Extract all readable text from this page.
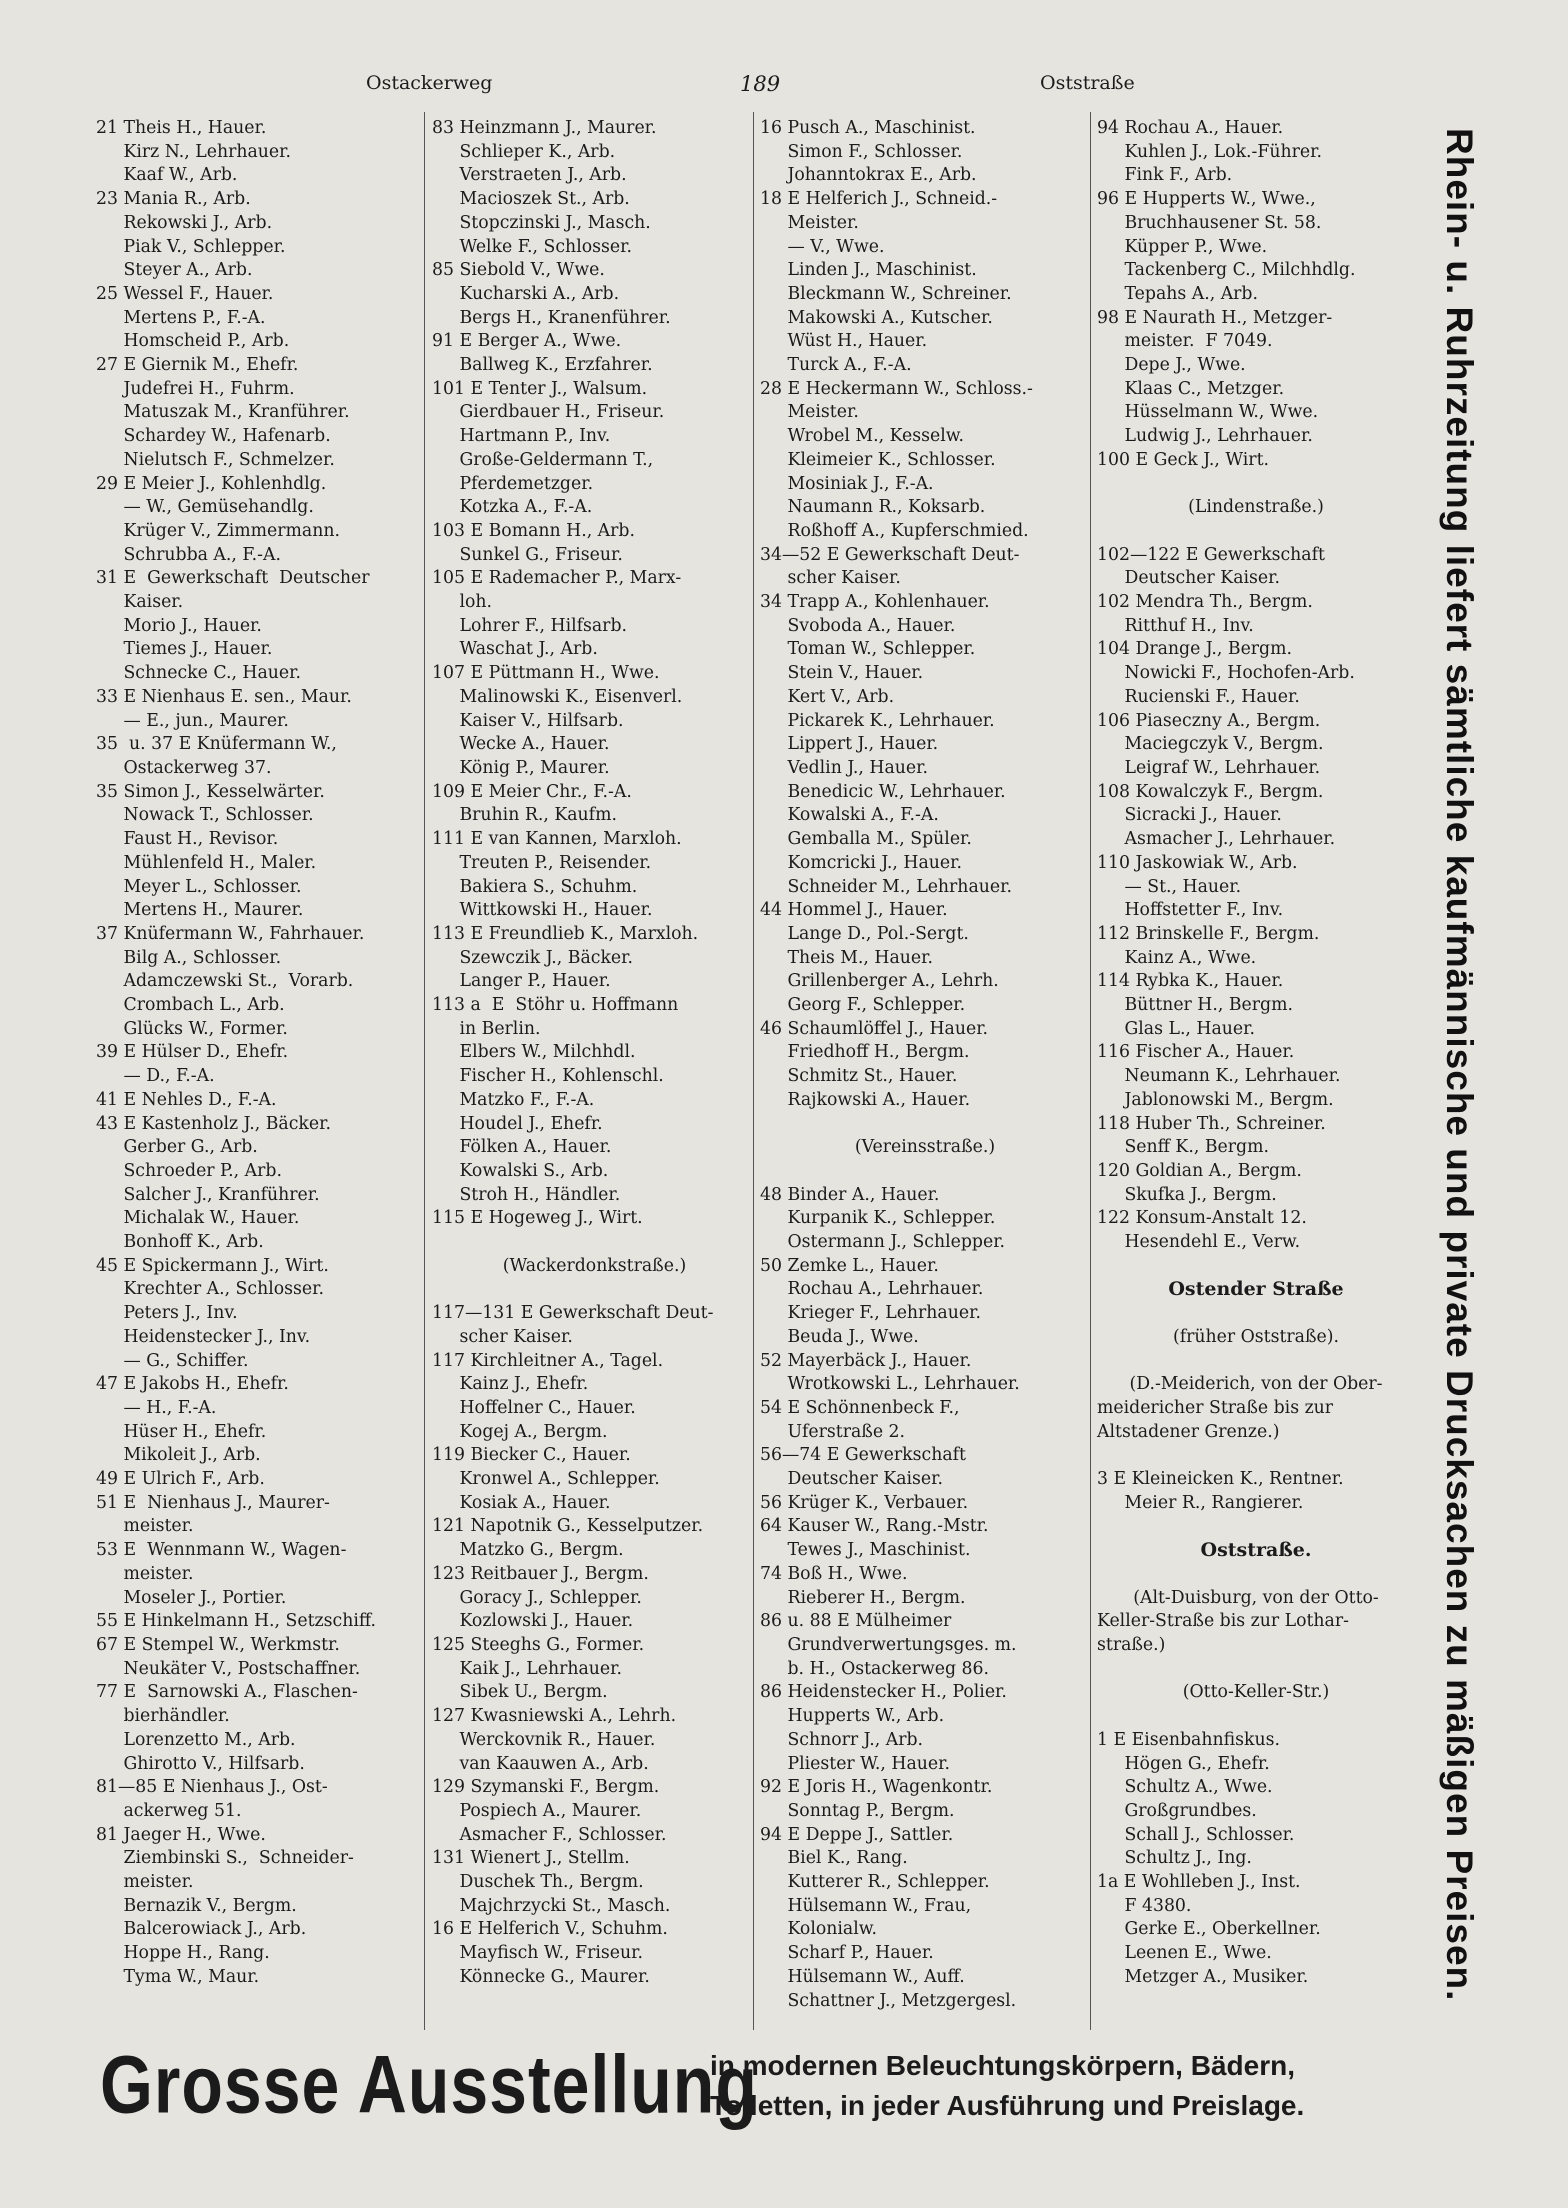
Ostackerweg	189	Oststraße
21 Theis H., Hauer.
Kirz N., Lehrhauer.
Kaaf W., Arb.
23 Mania R., Arb.
Rekowski J., Arb.
Piak V., Schlepper.
Steyer A., Arb.
25 Wessel F., Hauer.
Mertens P., F.-A.
Homscheid P., Arb.
27 E Giernik M., Ehefr.
Judefrei H., Fuhrm.
Matuszak M., Kranführer.
Schardey W., Hafenarb.
Nielutsch F., Schmelzer.
29 E Meier J., Kohlenhdlg.
— W., Gemüsehandlg.
Krüger V., Zimmermann.
Schrubba A., F.-A.
31 E  Gewerkschaft  Deutscher
Kaiser.
Morio J., Hauer.
Tiemes J., Hauer.
Schnecke C., Hauer.
33 E Nienhaus E. sen., Maur.
— E., jun., Maurer.
35  u. 37 E Knüfermann W.,
Ostackerweg 37.
35 Simon J., Kesselwärter.
Nowack T., Schlosser.
Faust H., Revisor.
Mühlenfeld H., Maler.
Meyer L., Schlosser.
Mertens H., Maurer.
37 Knüfermann W., Fahrhauer.
Bilg A., Schlosser.
Adamczewski St.,  Vorarb.
Crombach L., Arb.
Glücks W., Former.
39 E Hülser D., Ehefr.
— D., F.-A.
41 E Nehles D., F.-A.
43 E Kastenholz J., Bäcker.
Gerber G., Arb.
Schroeder P., Arb.
Salcher J., Kranführer.
Michalak W., Hauer.
Bonhoff K., Arb.
45 E Spickermann J., Wirt.
Krechter A., Schlosser.
Peters J., Inv.
Heidenstecker J., Inv.
— G., Schiffer.
47 E Jakobs H., Ehefr.
— H., F.-A.
Hüser H., Ehefr.
Mikoleit J., Arb.
49 E Ulrich F., Arb.
51 E  Nienhaus J., Maurer-
meister.
53 E  Wennmann W., Wagen-
meister.
Moseler J., Portier.
55 E Hinkelmann H., Setzschiff.
67 E Stempel W., Werkmstr.
Neukäter V., Postschaffner.
77 E  Sarnowski A., Flaschen-
bierhändler.
Lorenzetto M., Arb.
Ghirotto V., Hilfsarb.
81—85 E Nienhaus J., Ost-
ackerweg 51.
81 Jaeger H., Wwe.
Ziembinski S.,  Schneider-
meister.
Bernazik V., Bergm.
Balcerowiack J., Arb.
Hoppe H., Rang.
Tyma W., Maur.
83 Heinzmann J., Maurer.
Schlieper K., Arb.
Verstraeten J., Arb.
Macioszek St., Arb.
Stopczinski J., Masch.
Welke F., Schlosser.
85 Siebold V., Wwe.
Kucharski A., Arb.
Bergs H., Kranenführer.
91 E Berger A., Wwe.
Ballweg K., Erzfahrer.
101 E Tenter J., Walsum.
Gierdbauer H., Friseur.
Hartmann P., Inv.
Große-Geldermann T.,
Pferdemetzger.
Kotzka A., F.-A.
103 E Bomann H., Arb.
Sunkel G., Friseur.
105 E Rademacher P., Marx-
loh.
Lohrer F., Hilfsarb.
Waschat J., Arb.
107 E Püttmann H., Wwe.
Malinowski K., Eisenverl.
Kaiser V., Hilfsarb.
Wecke A., Hauer.
König P., Maurer.
109 E Meier Chr., F.-A.
Bruhin R., Kaufm.
111 E van Kannen, Marxloh.
Treuten P., Reisender.
Bakiera S., Schuhm.
Wittkowski H., Hauer.
113 E Freundlieb K., Marxloh.
Szewczik J., Bäcker.
Langer P., Hauer.
113 a  E  Stöhr u. Hoffmann
in Berlin.
Elbers W., Milchhdl.
Fischer H., Kohlenschl.
Matzko F., F.-A.
Houdel J., Ehefr.
Fölken A., Hauer.
Kowalski S., Arb.
Stroh H., Händler.
115 E Hogeweg J., Wirt.

(Wackerdonkstraße.)

117—131 E Gewerkschaft Deut-
scher Kaiser.
117 Kirchleitner A., Tagel.
Kainz J., Ehefr.
Hoffelner C., Hauer.
Kogej A., Bergm.
119 Biecker C., Hauer.
Kronwel A., Schlepper.
Kosiak A., Hauer.
121 Napotnik G., Kesselputzer.
Matzko G., Bergm.
123 Reitbauer J., Bergm.
Goracy J., Schlepper.
Kozlowski J., Hauer.
125 Steeghs G., Former.
Kaik J., Lehrhauer.
Sibek U., Bergm.
127 Kwasniewski A., Lehrh.
Werckovnik R., Hauer.
van Kaauwen A., Arb.
129 Szymanski F., Bergm.
Pospiech A., Maurer.
Asmacher F., Schlosser.
131 Wienert J., Stellm.
Duschek Th., Bergm.
Majchrzycki St., Masch.
16 E Helferich V., Schuhm.
Mayfisch W., Friseur.
Könnecke G., Maurer.
16 Pusch A., Maschinist.
Simon F., Schlosser.
Johanntokrax E., Arb.
18 E Helferich J., Schneid.-
Meister.
— V., Wwe.
Linden J., Maschinist.
Bleckmann W., Schreiner.
Makowski A., Kutscher.
Wüst H., Hauer.
Turck A., F.-A.
28 E Heckermann W., Schloss.-
Meister.
Wrobel M., Kesselw.
Kleimeier K., Schlosser.
Mosiniak J., F.-A.
Naumann R., Koksarb.
Roßhoff A., Kupferschmied.
34—52 E Gewerkschaft Deut-
scher Kaiser.
34 Trapp A., Kohlenhauer.
Svoboda A., Hauer.
Toman W., Schlepper.
Stein V., Hauer.
Kert V., Arb.
Pickarek K., Lehrhauer.
Lippert J., Hauer.
Vedlin J., Hauer.
Benedicic W., Lehrhauer.
Kowalski A., F.-A.
Gemballa M., Spüler.
Komcricki J., Hauer.
Schneider M., Lehrhauer.
44 Hommel J., Hauer.
Lange D., Pol.-Sergt.
Theis M., Hauer.
Grillenberger A., Lehrh.
Georg F., Schlepper.
46 Schaumlöffel J., Hauer.
Friedhoff H., Bergm.
Schmitz St., Hauer.
Rajkowski A., Hauer.

(Vereinsstraße.)

48 Binder A., Hauer.
Kurpanik K., Schlepper.
Ostermann J., Schlepper.
50 Zemke L., Hauer.
Rochau A., Lehrhauer.
Krieger F., Lehrhauer.
Beuda J., Wwe.
52 Mayerbäck J., Hauer.
Wrotkowski L., Lehrhauer.
54 E Schönnenbeck F.,
Uferstraße 2.
56—74 E Gewerkschaft
Deutscher Kaiser.
56 Krüger K., Verbauer.
64 Kauser W., Rang.-Mstr.
Tewes J., Maschinist.
74 Boß H., Wwe.
Rieberer H., Bergm.
86 u. 88 E Mülheimer
Grundverwertungsges. m.
b. H., Ostackerweg 86.
86 Heidenstecker H., Polier.
Hupperts W., Arb.
Schnorr J., Arb.
Pliester W., Hauer.
92 E Joris H., Wagenkontr.
Sonntag P., Bergm.
94 E Deppe J., Sattler.
Biel K., Rang.
Kutterer R., Schlepper.
Hülsemann W., Frau,
Kolonialw.
Scharf P., Hauer.
Hülsemann W., Auff.
Schattner J., Metzgergesl.
94 Rochau A., Hauer.
Kuhlen J., Lok.-Führer.
Fink F., Arb.
96 E Hupperts W., Wwe.,
Bruchhausener St. 58.
Küpper P., Wwe.
Tackenberg C., Milchhdlg.
Tepahs A., Arb.
98 E Naurath H., Metzger-
meister.  F 7049.
Depe J., Wwe.
Klaas C., Metzger.
Hüsselmann W., Wwe.
Ludwig J., Lehrhauer.
100 E Geck J., Wirt.

(Lindenstraße.)

102—122 E Gewerkschaft
Deutscher Kaiser.
102 Mendra Th., Bergm.
Ritthuf H., Inv.
104 Drange J., Bergm.
Nowicki F., Hochofen-Arb.
Rucienski F., Hauer.
106 Piaseczny A., Bergm.
Maciegczyk V., Bergm.
Leigraf W., Lehrhauer.
108 Kowalczyk F., Bergm.
Sicracki J., Hauer.
Asmacher J., Lehrhauer.
110 Jaskowiak W., Arb.
— St., Hauer.
Hoffstetter F., Inv.
112 Brinskelle F., Bergm.
Kainz A., Wwe.
114 Rybka K., Hauer.
Büttner H., Bergm.
Glas L., Hauer.
116 Fischer A., Hauer.
Neumann K., Lehrhauer.
Jablonowski M., Bergm.
118 Huber Th., Schreiner.
Senff K., Bergm.
120 Goldian A., Bergm.
Skufka J., Bergm.
122 Konsum-Anstalt 12.
Hesendehl E., Verw.

Ostender Straße

(früher Oststraße).

(D.-Meiderich, von der Ober-
meidericher Straße bis zur
Altstadener Grenze.)

3 E Kleineicken K., Rentner.
Meier R., Rangierer.

Oststraße.

(Alt-Duisburg, von der Otto-
Keller-Straße bis zur Lothar-
straße.)

(Otto-Keller-Str.)

1 E Eisenbahnfiskus.
Högen G., Ehefr.
Schultz A., Wwe.
Großgrundbes.
Schall J., Schlosser.
Schultz J., Ing.
1a E Wohlleben J., Inst.
F 4380.
Gerke E., Oberkellner.
Leenen E., Wwe.
Metzger A., Musiker.	Rhein- u. Ruhrzeitung liefert sämtliche kaufmännische und private Drucksachen zu mäßigen Preisen.
Grosse Ausstellung
in modernen Beleuchtungskörpern, Bädern,
Toiletten, in jeder Ausführung und Preislage.
